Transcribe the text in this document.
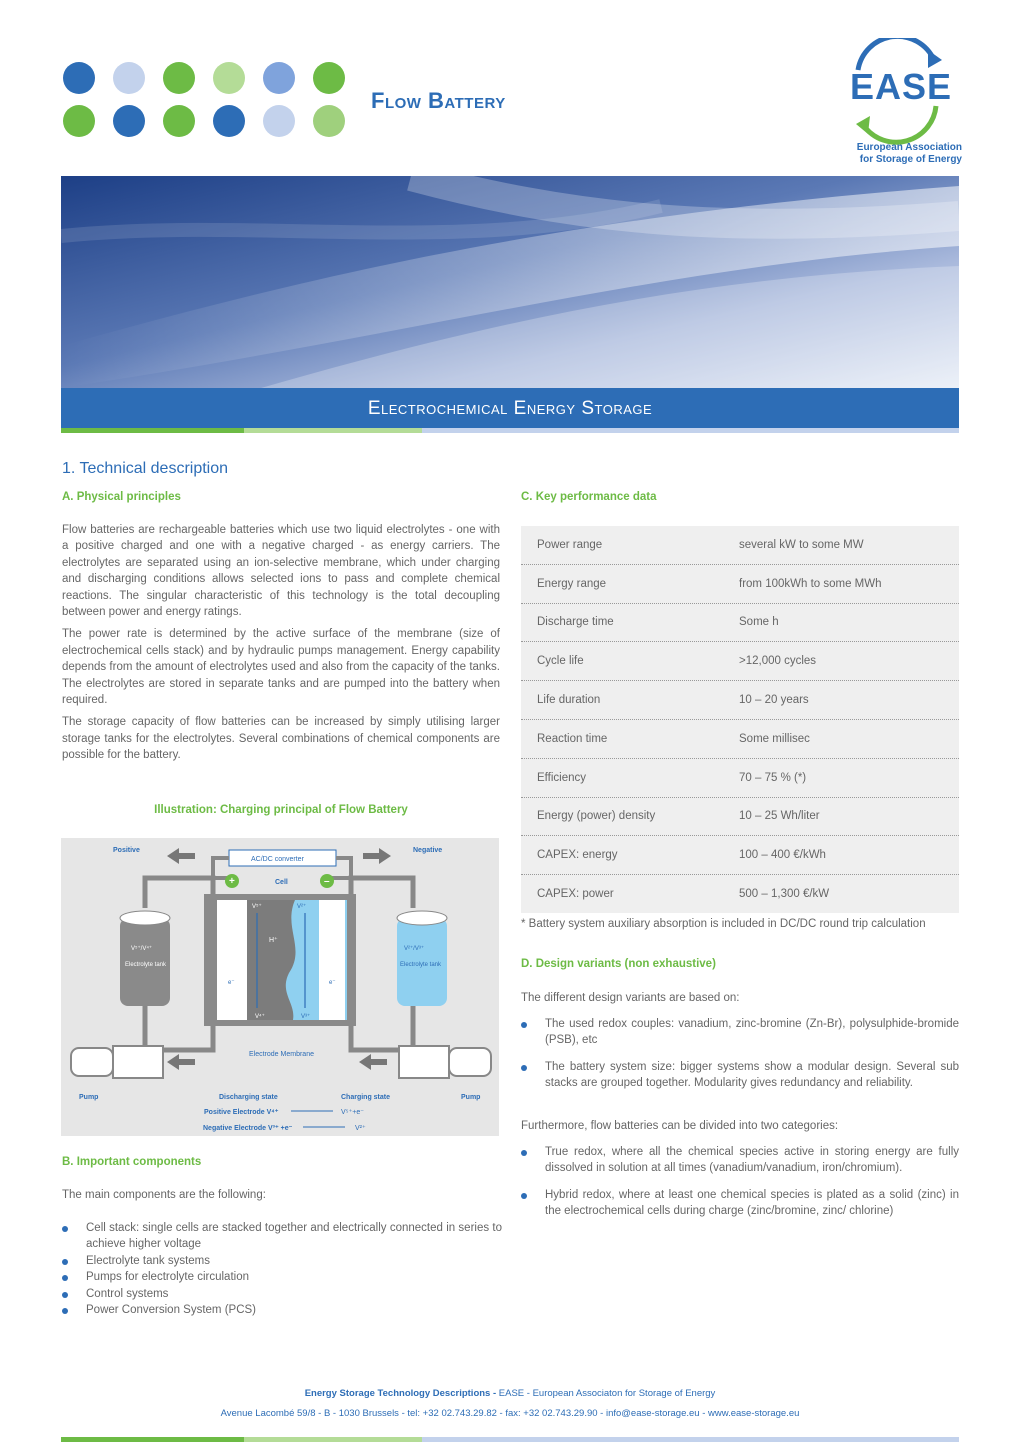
Flow Battery	EASE
European Association
for Storage of Energy
Electrochemical Energy Storage
1. Technical description
A. Physical principles

Flow batteries are rechargeable batteries which use two liquid electrolytes - one with a positive charged and one with a negative charged - as energy carriers. The electrolytes are separated using an ion-selective membrane, which under charging and discharging conditions allows selected ions to pass and complete chemical reactions. The singular characteristic of this technology is the total decoupling between power and energy ratings.

The power rate is determined by the active surface of the membrane (size of electrochemical cells stack) and by hydraulic pumps management. Energy capability depends from the amount of electrolytes used and also from the capacity of the tanks. The electrolytes are stored in separate tanks and are pumped into the battery when required.

The storage capacity of flow batteries can be increased by simply utilising larger storage tanks for the electrolytes. Several combinations of chemical components are possible for the battery.

Illustration: Charging principal of Flow Battery
Positive	Negative
AC/DC converter
+	–
Cell
V⁵⁺	V²⁺
H⁺
e⁻	e⁻
V⁴⁺	V³⁺
Electrode Membrane
V⁵⁺/V⁴⁺
Electrolyte tank
V²⁺/V³⁺
Electrolyte tank
Pump	Pump
Discharging state	Charging state
Positive Electrode V⁴⁺	V⁵⁺+e⁻
Negative Electrode V³⁺ +e⁻	V²⁺
B. Important components
The main components are the following:
Cell stack: single cells are stacked together and electrically connected in series to achieve higher voltage
Electrolyte tank systems
Pumps for electrolyte circulation
Control systems
Power Conversion System (PCS)
C. Key performance data
Power range	several kW to some MW
Energy range	from 100kWh to some MWh
Discharge time	Some h
Cycle life	>12,000 cycles
Life duration	10 – 20 years
Reaction time	Some millisec
Efficiency	70 – 75 % (*)
Energy (power) density	10 – 25 Wh/liter
CAPEX: energy	100 – 400 €/kWh
CAPEX: power	500 – 1,300 €/kW
* Battery system auxiliary absorption is included in DC/DC round trip calculation
D. Design variants (non exhaustive)
The different design variants are based on:
The used redox couples: vanadium, zinc-bromine (Zn-Br), polysulphide-bromide (PSB), etc
The battery system size: bigger systems show a modular design. Several sub stacks are grouped together. Modularity gives redundancy and reliability.
Furthermore, flow batteries can be divided into two categories:
True redox, where all the chemical species active in storing energy are fully dissolved in solution at all times (vanadium/vanadium, iron/chromium).
Hybrid redox, where at least one chemical species is plated as a solid (zinc) in the electrochemical cells during charge (zinc/bromine, zinc/ chlorine)
Energy Storage Technology Descriptions - EASE - European Associaton for Storage of Energy
Avenue Lacombé 59/8 - B - 1030 Brussels - tel: +32 02.743.29.82 - fax: +32 02.743.29.90 - info@ease-storage.eu - www.ease-storage.eu
